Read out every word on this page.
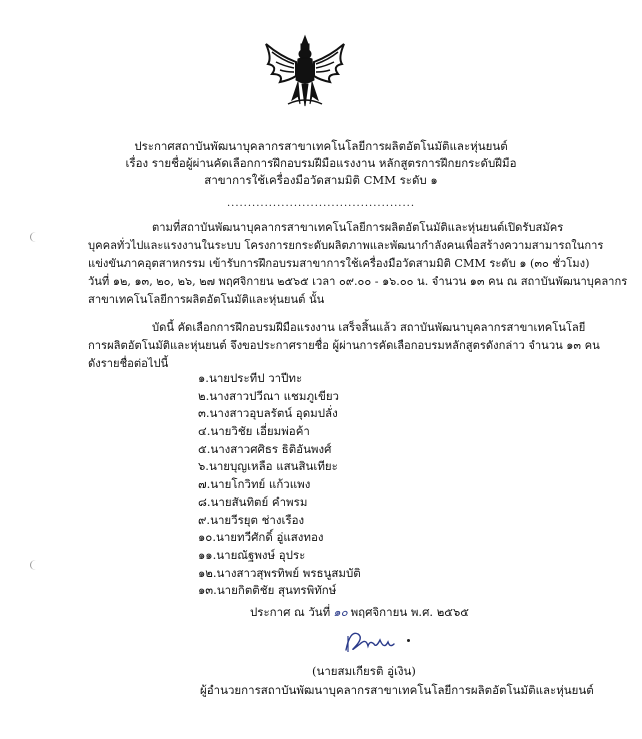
ประกาศสถาบันพัฒนาบุคลากรสาขาเทคโนโลยีการผลิตอัตโนมัติและหุ่นยนต์
เรื่อง รายชื่อผู้ผ่านคัดเลือกการฝึกอบรมฝีมือแรงงาน หลักสูตรการฝึกยกระดับฝีมือ
สาขาการใช้เครื่องมือวัดสามมิติ CMM ระดับ ๑
.............................................
ตามที่สถาบันพัฒนาบุคลากรสาขาเทคโนโลยีการผลิตอัตโนมัติและหุ่นยนต์เปิดรับสมัคร
บุคคลทั่วไปและแรงงานในระบบ โครงการยกระดับผลิตภาพและพัฒนากำลังคนเพื่อสร้างความสามารถในการ
แข่งขันภาคอุตสาหกรรม เข้ารับการฝึกอบรมสาขาการใช้เครื่องมือวัดสามมิติ CMM ระดับ ๑ (๓๐ ชั่วโมง)
วันที่ ๑๒, ๑๓, ๒๐, ๒๖, ๒๗ พฤศจิกายน ๒๕๖๕ เวลา ๐๙.๐๐ - ๑๖.๐๐ น. จำนวน ๑๓ คน ณ สถาบันพัฒนาบุคลากร
สาขาเทคโนโลยีการผลิตอัตโนมัติและหุ่นยนต์ นั้น
บัดนี้ คัดเลือกการฝึกอบรมฝีมือแรงงาน เสร็จสิ้นแล้ว สถาบันพัฒนาบุคลากรสาขาเทคโนโลยี
การผลิตอัตโนมัติและหุ่นยนต์ จึงขอประกาศรายชื่อ ผู้ผ่านการคัดเลือกอบรมหลักสูตรดังกล่าว จำนวน ๑๓ คน
ดังรายชื่อต่อไปนี้
๑.นายประทีป วาปีทะ
๒.นางสาวปวีณา แชมภูเขียว
๓.นางสาวอุบลรัตน์ อุดมปลั่ง
๔.นายวิชัย เอี่ยมพ่อค้า
๕.นางสาวศศิธร ธิติอันพงศ์
๖.นายบุญเหลือ แสนสินเทียะ
๗.นายโกวิทย์ แก้วแพง
๘.นายสันทิตย์ คำพรม
๙.นายวีรยุต ช่างเรือง
๑๐.นายทวีศักดิ์ อู่แสงทอง
๑๑.นายณัฐพงษ์ อุประ
๑๒.นางสาวสุพรทิพย์ พรธนูสมบัติ
๑๓.นายกิตติชัย สุนทรพิทักษ์
ประกาศ ณ วันที่ ๑๐ พฤศจิกายน พ.ศ. ๒๕๖๕
(นายสมเกียรติ อู่เงิน)
ผู้อำนวยการสถาบันพัฒนาบุคลากรสาขาเทคโนโลยีการผลิตอัตโนมัติและหุ่นยนต์
